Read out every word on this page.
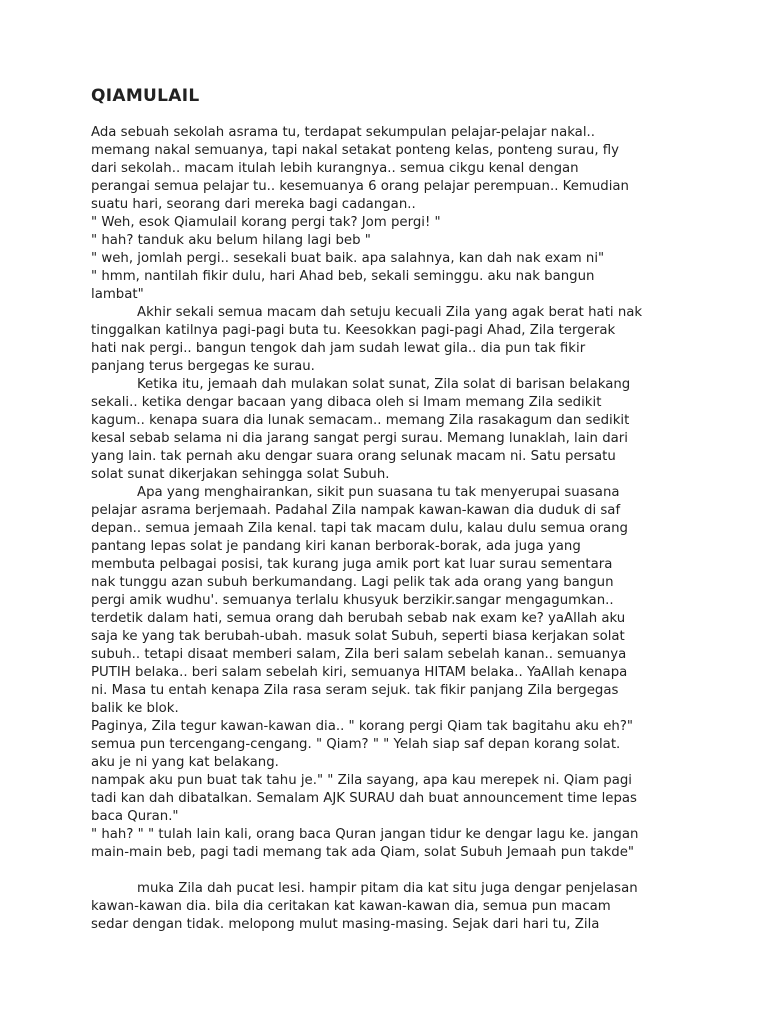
QIAMULAIL
Ada sebuah sekolah asrama tu, terdapat sekumpulan pelajar-pelajar nakal..
memang nakal semuanya, tapi nakal setakat ponteng kelas, ponteng surau, fly
dari sekolah.. macam itulah lebih kurangnya.. semua cikgu kenal dengan
perangai semua pelajar tu.. kesemuanya 6 orang pelajar perempuan.. Kemudian
suatu hari, seorang dari mereka bagi cadangan..
" Weh, esok Qiamulail korang pergi tak? Jom pergi! "
" hah? tanduk aku belum hilang lagi beb "
" weh, jomlah pergi.. sesekali buat baik. apa salahnya, kan dah nak exam ni"
" hmm, nantilah fikir dulu, hari Ahad beb, sekali seminggu. aku nak bangun
lambat"
Akhir sekali semua macam dah setuju kecuali Zila yang agak berat hati nak
tinggalkan katilnya pagi-pagi buta tu. Keesokkan pagi-pagi Ahad, Zila tergerak
hati nak pergi.. bangun tengok dah jam sudah lewat gila.. dia pun tak fikir
panjang terus bergegas ke surau.
Ketika itu, jemaah dah mulakan solat sunat, Zila solat di barisan belakang
sekali.. ketika dengar bacaan yang dibaca oleh si Imam memang Zila sedikit
kagum.. kenapa suara dia lunak semacam.. memang Zila rasakagum dan sedikit
kesal sebab selama ni dia jarang sangat pergi surau. Memang lunaklah, lain dari
yang lain. tak pernah aku dengar suara orang selunak macam ni. Satu persatu
solat sunat dikerjakan sehingga solat Subuh.
Apa yang menghairankan, sikit pun suasana tu tak menyerupai suasana
pelajar asrama berjemaah. Padahal Zila nampak kawan-kawan dia duduk di saf
depan.. semua jemaah Zila kenal. tapi tak macam dulu, kalau dulu semua orang
pantang lepas solat je pandang kiri kanan berborak-borak, ada juga yang
membuta pelbagai posisi, tak kurang juga amik port kat luar surau sementara
nak tunggu azan subuh berkumandang. Lagi pelik tak ada orang yang bangun
pergi amik wudhu'. semuanya terlalu khusyuk berzikir.sangar mengagumkan..
terdetik dalam hati, semua orang dah berubah sebab nak exam ke? yaAllah aku
saja ke yang tak berubah-ubah. masuk solat Subuh, seperti biasa kerjakan solat
subuh.. tetapi disaat memberi salam, Zila beri salam sebelah kanan.. semuanya
PUTIH belaka.. beri salam sebelah kiri, semuanya HITAM belaka.. YaAllah kenapa
ni. Masa tu entah kenapa Zila rasa seram sejuk. tak fikir panjang Zila bergegas
balik ke blok.
Paginya, Zila tegur kawan-kawan dia.. " korang pergi Qiam tak bagitahu aku eh?"
semua pun tercengang-cengang. " Qiam? " " Yelah siap saf depan korang solat.
aku je ni yang kat belakang.
nampak aku pun buat tak tahu je." " Zila sayang, apa kau merepek ni. Qiam pagi
tadi kan dah dibatalkan. Semalam AJK SURAU dah buat announcement time lepas
baca Quran."
" hah? " " tulah lain kali, orang baca Quran jangan tidur ke dengar lagu ke. jangan
main-main beb, pagi tadi memang tak ada Qiam, solat Subuh Jemaah pun takde"
muka Zila dah pucat lesi. hampir pitam dia kat situ juga dengar penjelasan
kawan-kawan dia. bila dia ceritakan kat kawan-kawan dia, semua pun macam
sedar dengan tidak. melopong mulut masing-masing. Sejak dari hari tu, Zila
